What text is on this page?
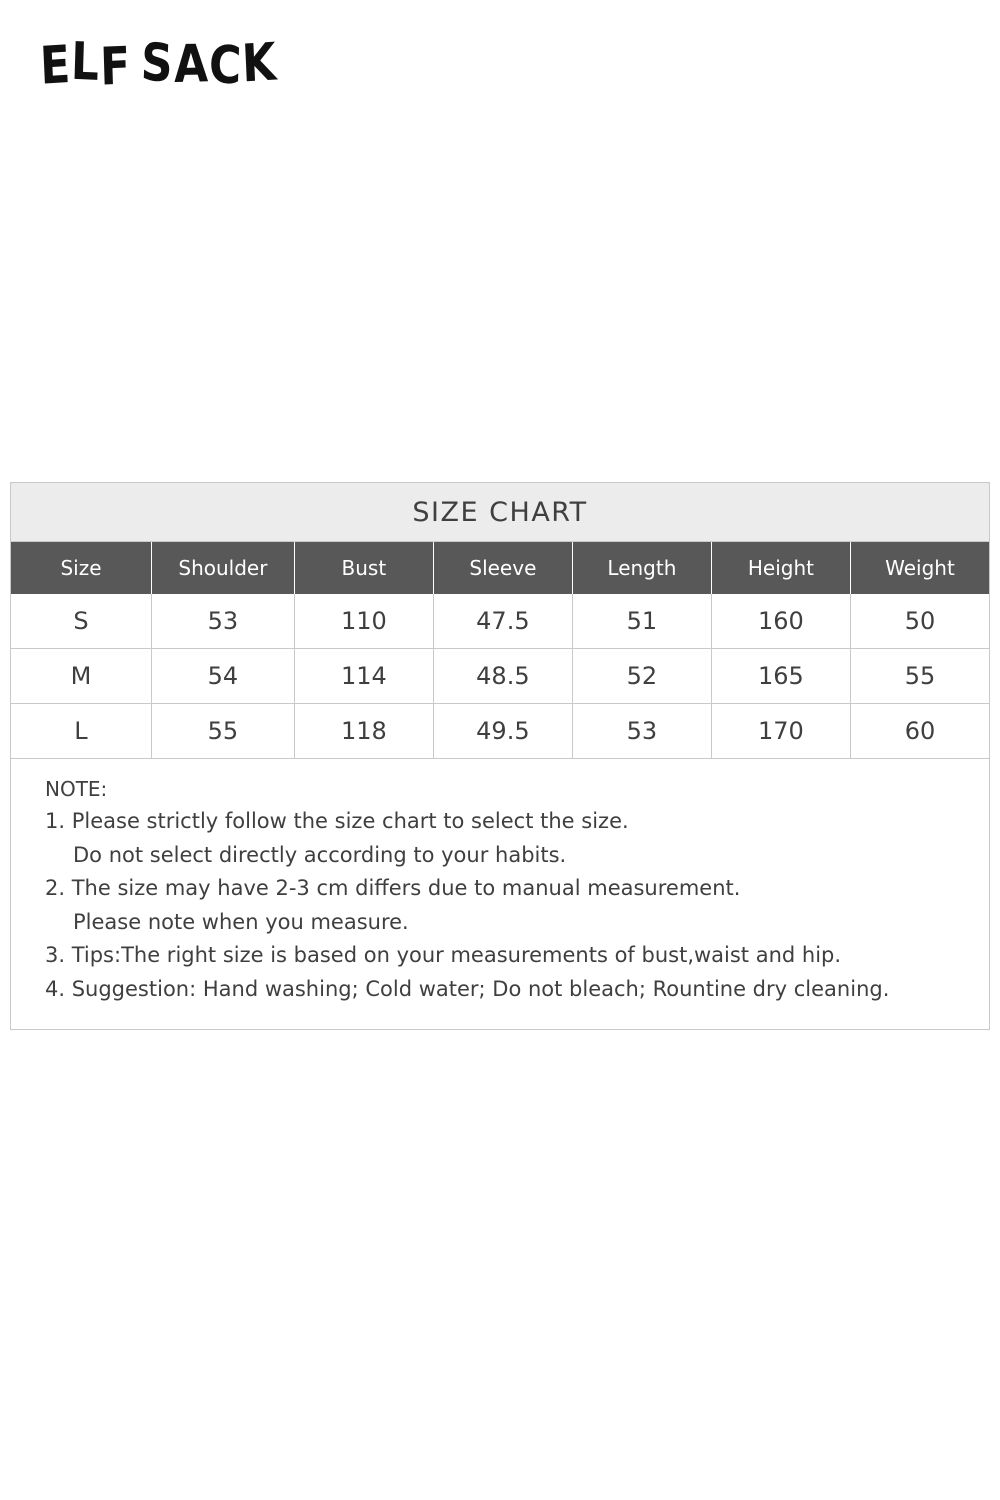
ELF SACK
SIZE CHART
Size	Shoulder	Bust	Sleeve	Length	Height	Weight
S	53	110	47.5	51	160	50
M	54	114	48.5	52	165	55
L	55	118	49.5	53	170	60
NOTE:
1. Please strictly follow the size chart to select the size.
Do not select directly according to your habits.
2. The size may have 2-3 cm differs due to manual measurement.
Please note when you measure.
3. Tips:The right size is based on your measurements of bust,waist and hip.
4. Suggestion: Hand washing; Cold water; Do not bleach; Rountine dry cleaning.
